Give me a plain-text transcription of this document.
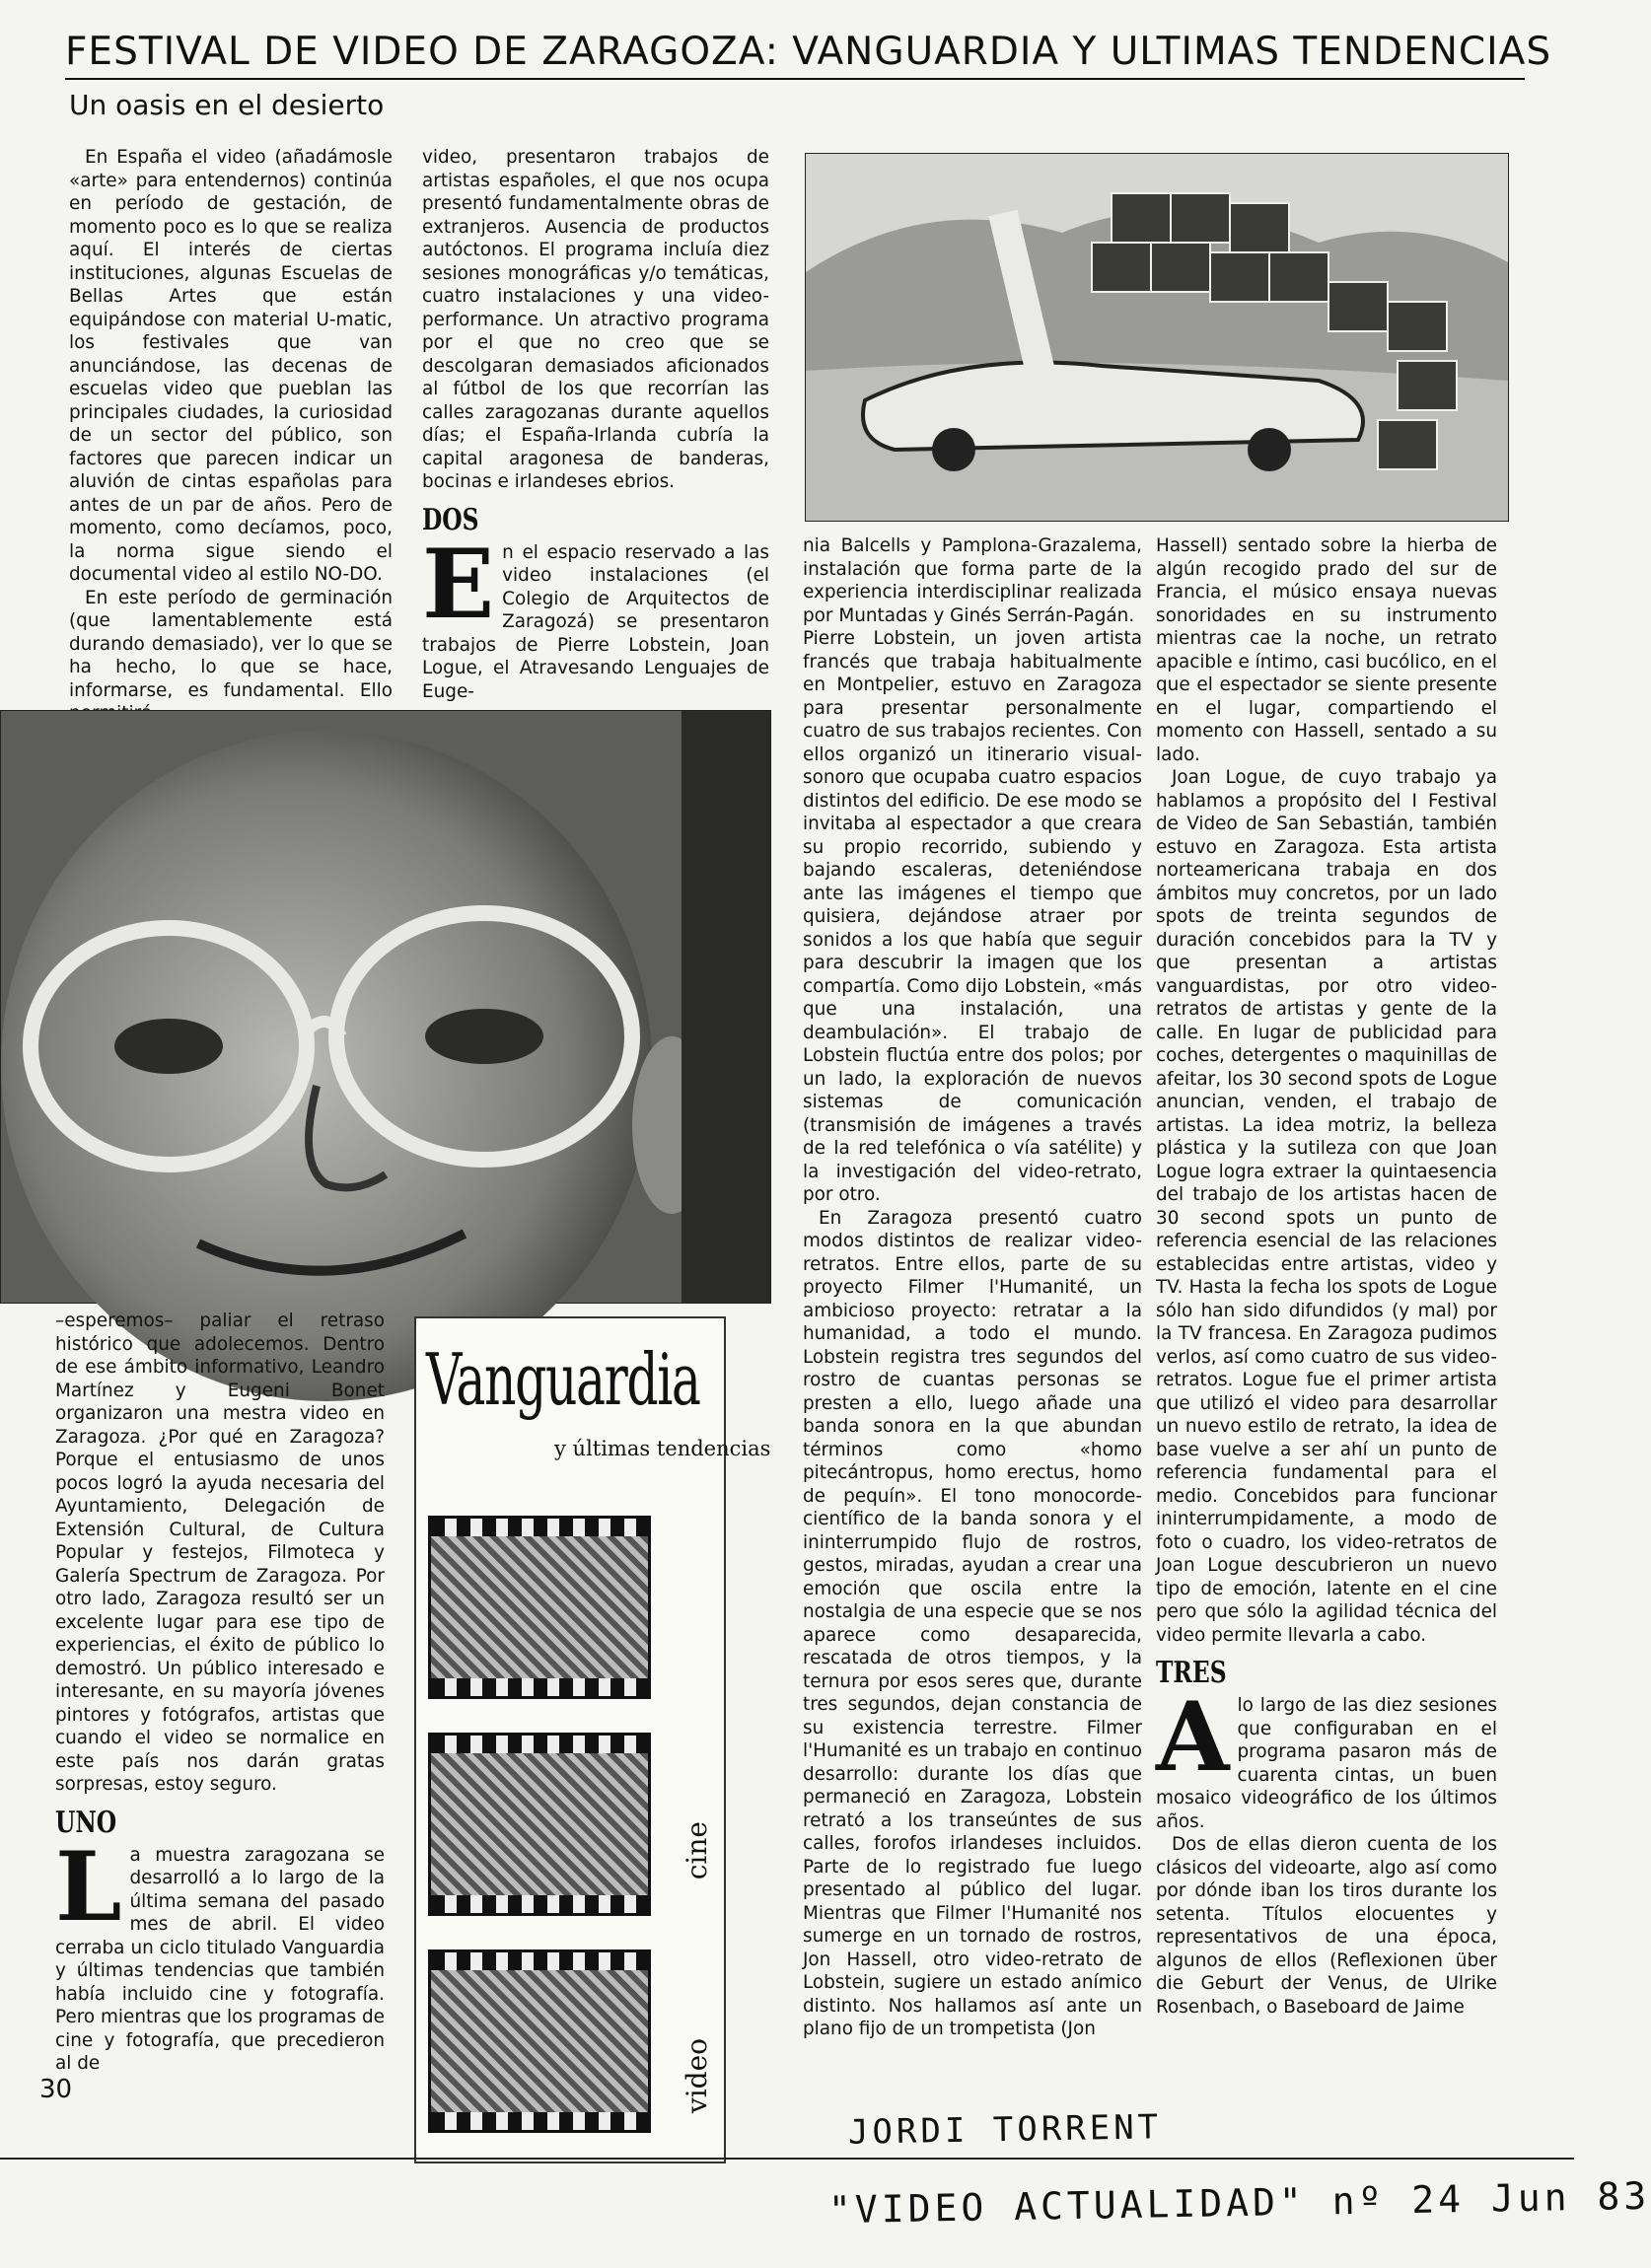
FESTIVAL DE VIDEO DE ZARAGOZA: VANGUARDIA Y ULTIMAS TENDENCIAS
Un oasis en el desierto

En España el video (añadámosle «arte» para entendernos) continúa en período de gestación, de momento poco es lo que se realiza aquí. El interés de ciertas instituciones, algunas Escuelas de Bellas Artes que están equipándose con material U-matic, los festivales que van anunciándose, las decenas de escuelas video que pueblan las principales ciudades, la curiosidad de un sector del público, son factores que parecen indicar un aluvión de cintas españolas para antes de un par de años. Pero de momento, como decíamos, poco, la norma sigue siendo el documental video al estilo NO-DO.

En este período de germinación (que lamentablemente está durando demasiado), ver lo que se ha hecho, lo que se hace, informarse, es fundamental. Ello

video, presentaron trabajos de artistas españoles, el que nos ocupa presentó fundamentalmente obras de extranjeros. Ausencia de productos autóctonos. El programa incluía diez sesiones monográficas y/o temáticas, cuatro instalaciones y una video-performance. Un atractivo programa por el que no creo que se descolgaran demasiados aficionados al fútbol de los que recorrían las calles zaragozanas durante aquellos días; el España-Irlanda cubría la capital aragonesa de banderas, bocinas e irlandeses ebrios.

DOS

En el espacio reservado a las video instalaciones (el Colegio de Arquitectos de Zaragozá) se presentaron trabajos de Pierre Lobstein, Joan Logue, el Atravesando Lenguajes de Euge-

–esperemos– paliar el retraso histórico que adolecemos. Dentro de ese ámbito informativo, Leandro Martínez y Eugeni Bonet organizaron una mestra video en Zaragoza. ¿Por qué en Zaragoza? Porque el entusiasmo de unos pocos logró la ayuda necesaria del Ayuntamiento, Delegación de Extensión Cultural, de Cultura Popular y festejos, Filmoteca y Galería Spectrum de Zaragoza. Por otro lado, Zaragoza resultó ser un excelente lugar para ese tipo de experiencias, el éxito de público lo demostró. Un público interesado e interesante, en su mayoría jóvenes pintores y fotógrafos, artistas que cuando el video se normalice en este país nos darán gratas sorpresas, estoy seguro.

UNO

La muestra zaragozana se desarrolló a lo largo de la última semana del pasado mes de abril. El video cerraba un ciclo titulado Vanguardia y últimas tendencias que también había incluido cine y fotografía. Pero mientras que los programas de cine y fotografía, que precedieron al de

Vanguardia
y últimas tendencias
cine
video

nia Balcells y Pamplona-Grazalema, instalación que forma parte de la experiencia interdisciplinar realizada por Muntadas y Ginés Serrán-Pagán.

Pierre Lobstein, un joven artista francés que trabaja habitualmente en Montpelier, estuvo en Zaragoza para presentar personalmente cuatro de sus trabajos recientes. Con ellos organizó un itinerario visual-sonoro que ocupaba cuatro espacios distintos del edificio. De ese modo se invitaba al espectador a que creara su propio recorrido, subiendo y bajando escaleras, deteniéndose ante las imágenes el tiempo que quisiera, dejándose atraer por sonidos a los que había que seguir para descubrir la imagen que los compartía. Como dijo Lobstein, «más que una instalación, una deambulación». El trabajo de Lobstein fluctúa entre dos polos; por un lado, la exploración de nuevos sistemas de comunicación (transmisión de imágenes a través de la red telefónica o vía satélite) y la investigación del video-retrato, por otro.

En Zaragoza presentó cuatro modos distintos de realizar video-retratos. Entre ellos, parte de su proyecto Filmer l'Humanité, un ambicioso proyecto: retratar a la humanidad, a todo el mundo. Lobstein registra tres segundos del rostro de cuantas personas se presten a ello, luego añade una banda sonora en la que abundan términos como «homo pitecántropus, homo erectus, homo de pequín». El tono monocorde-científico de la banda sonora y el ininterrumpido flujo de rostros, gestos, miradas, ayudan a crear una emoción que oscila entre la nostalgia de una especie que se nos aparece como desaparecida, rescatada de otros tiempos, y la ternura por esos seres que, durante tres segundos, dejan constancia de su existencia terrestre. Filmer l'Humanité es un trabajo en continuo desarrollo: durante los días que permaneció en Zaragoza, Lobstein retrató a los transeúntes de sus calles, forofos irlandeses incluidos. Parte de lo registrado fue luego presentado al público del lugar. Mientras que Filmer l'Humanité nos sumerge en un tornado de rostros, Jon Hassell, otro video-retrato de Lobstein, sugiere un estado anímico distinto. Nos hallamos así ante un plano fijo de un trompetista (Jon

Hassell) sentado sobre la hierba de algún recogido prado del sur de Francia, el músico ensaya nuevas sonoridades en su instrumento mientras cae la noche, un retrato apacible e íntimo, casi bucólico, en el que el espectador se siente presente en el lugar, compartiendo el momento con Hassell, sentado a su lado.

Joan Logue, de cuyo trabajo ya hablamos a propósito del I Festival de Video de San Sebastián, también estuvo en Zaragoza. Esta artista norteamericana trabaja en dos ámbitos muy concretos, por un lado spots de treinta segundos de duración concebidos para la TV y que presentan a artistas vanguardistas, por otro video-retratos de artistas y gente de la calle. En lugar de publicidad para coches, detergentes o maquinillas de afeitar, los 30 second spots de Logue anuncian, venden, el trabajo de artistas. La idea motriz, la belleza plástica y la sutileza con que Joan Logue logra extraer la quintaesencia del trabajo de los artistas hacen de 30 second spots un punto de referencia esencial de las relaciones establecidas entre artistas, video y TV. Hasta la fecha los spots de Logue sólo han sido difundidos (y mal) por la TV francesa. En Zaragoza pudimos verlos, así como cuatro de sus video-retratos. Logue fue el primer artista que utilizó el video para desarrollar un nuevo estilo de retrato, la idea de base vuelve a ser ahí un punto de referencia fundamental para el medio. Concebidos para funcionar ininterrumpidamente, a modo de foto o cuadro, los video-retratos de Joan Logue descubrieron un nuevo tipo de emoción, latente en el cine pero que sólo la agilidad técnica del video permite llevarla a cabo.

TRES

Alo largo de las diez sesiones que configuraban en el programa pasaron más de cuarenta cintas, un buen mosaico videográfico de los últimos años.

Dos de ellas dieron cuenta de los clásicos del videoarte, algo así como por dónde iban los tiros durante los setenta. Títulos elocuentes y representativos de una época, algunos de ellos (Reflexionen über die Geburt der Venus, de Ulrike Rosenbach, o Baseboard de Jaime

30
JORDI TORRENT
"VIDEO ACTUALIDAD" nº 24 Jun 83
